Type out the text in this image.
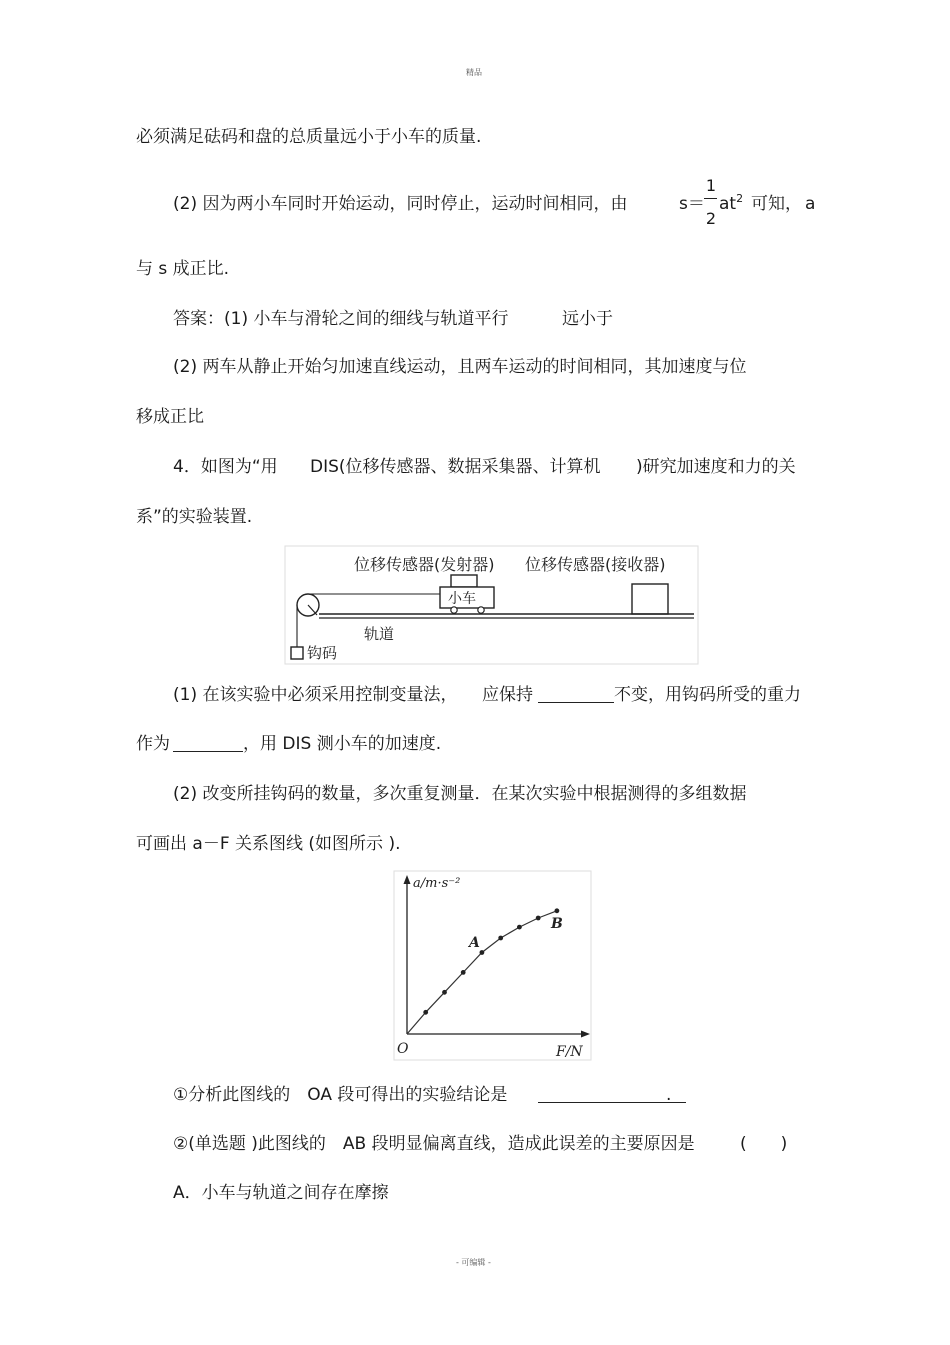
精品
必须满足砝码和盘的总质量远小于小车的质量.
(2) 因为两小车同时开始运动，同时停止，运动时间相同，由	s＝
1
2
$at^2$ 可知， a
与 s 成正比.
答案：(1) 小车与滑轮之间的细线与轨道平行	远小于
(2) 两车从静止开始匀加速直线运动，且两车运动的时间相同，其加速度与位
移成正比
4．如图为“用 DIS(位移传感器、数据采集器、计算机 )研究加速度和力的关
系”的实验装置.
位移传感器(发射器) 位移传感器(接收器)
小车
钩码
轨道
(1) 在该实验中必须采用控制变量法， 应保持	不变，用钩码所受的重力
作为	，用 DIS 测小车的加速度.
(2) 改变所挂钩码的数量，多次重复测量．在某次实验中根据测得的多组数据
可画出 a－F 关系图线 (如图所示 ).
a/m·s⁻²
F/N
O
A
B
①分析此图线的　OA 段可得出的实验结论是	.
②(单选题 )此图线的　AB 段明显偏离直线，造成此误差的主要原因是	(　　)
A．小车与轨道之间存在摩擦
- 可编辑 -
